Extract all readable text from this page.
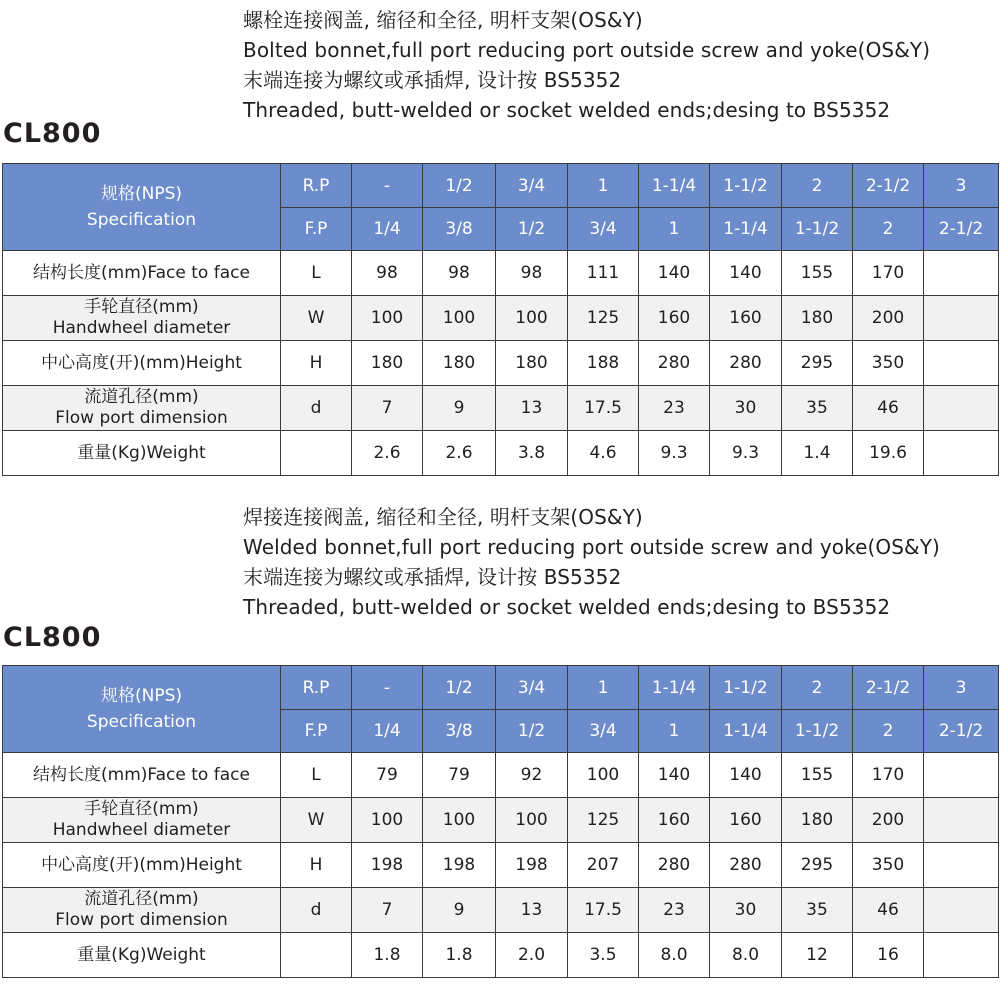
螺栓连接阀盖, 缩径和全径, 明杆支架(OS&Y)
Bolted bonnet,full port reducing port outside screw and yoke(OS&Y)
末端连接为螺纹或承插焊, 设计按 BS5352
Threaded, butt-welded or socket welded ends;desing to BS5352
CL800
规格(NPS)
Specification	R.P	-	1/2	3/4	1	1-1/4	1-1/2	2	2-1/2	3
	F.P	1/4	3/8	1/2	3/4	1	1-1/4	1-1/2	2	2-1/2

结构长度(mm)Face to face	L	98	98	98	111	140	140	155	170	

手轮直径(mm)
Handwheel diameter	W	100	100	100	125	160	160	180	200	

中心高度(开)(mm)Height	H	180	180	180	188	280	280	295	350	

流道孔径(mm)
Flow port dimension	d	7	9	13	17.5	23	30	35	46	

重量(Kg)Weight		2.6	2.6	3.8	4.6	9.3	9.3	1.4	19.6	
焊接连接阀盖, 缩径和全径, 明杆支架(OS&Y)
Welded bonnet,full port reducing port outside screw and yoke(OS&Y)
末端连接为螺纹或承插焊, 设计按 BS5352
Threaded, butt-welded or socket welded ends;desing to BS5352
CL800
规格(NPS)
Specification	R.P	-	1/2	3/4	1	1-1/4	1-1/2	2	2-1/2	3
	F.P	1/4	3/8	1/2	3/4	1	1-1/4	1-1/2	2	2-1/2

结构长度(mm)Face to face	L	79	79	92	100	140	140	155	170	

手轮直径(mm)
Handwheel diameter	W	100	100	100	125	160	160	180	200	

中心高度(开)(mm)Height	H	198	198	198	207	280	280	295	350	

流道孔径(mm)
Flow port dimension	d	7	9	13	17.5	23	30	35	46	

重量(Kg)Weight		1.8	1.8	2.0	3.5	8.0	8.0	12	16	
